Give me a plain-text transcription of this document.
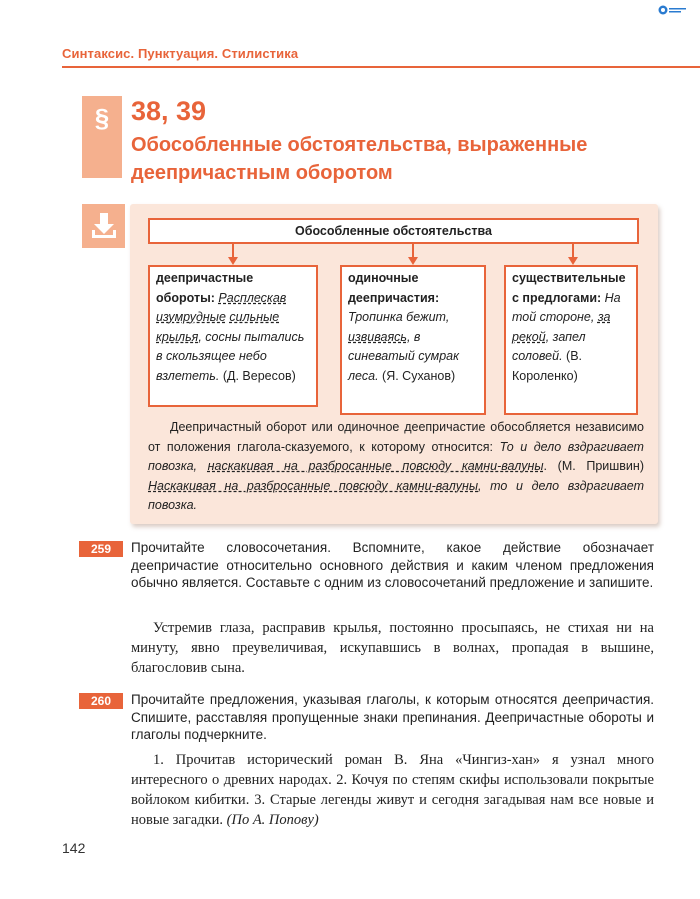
Синтаксис. Пунктуация. Стилистика
§ 38, 39
Обособленные обстоятельства, выраженные деепричастным оборотом
Обособленные обстоятельства
деепричастные обороты: Расплескав изумрудные сильные крылья, сосны пытались в скользящее небо взлететь. (Д. Вересов)
одиночные деепричастия: Тропинка бежит, извиваясь, в синеватый сумрак леса. (Я. Суханов)
существительные с предлогами: На той стороне, за рекой, запел соловей. (В. Короленко)
Деепричастный оборот или одиночное деепричастие обособляется независимо от положения глагола-сказуемого, к которому относится: То и дело вздрагивает повозка, наскакивая на разбросанные повсюду камни-валуны. (М. Пришвин) Наскакивая на разбросанные повсюду камни-валуны, то и дело вздрагивает повозка.
259	Прочитайте словосочетания. Вспомните, какое действие обозначает деепричастие относительно основного действия и каким членом предложения обычно является. Составьте с одним из словосочетаний предложение и запишите.
Устремив глаза, расправив крылья, постоянно просыпаясь, не стихая ни на минуту, явно преувеличивая, искупавшись в волнах, пропадая в вышине, благословив сына.
260	Прочитайте предложения, указывая глаголы, к которым относятся деепричастия. Спишите, расставляя пропущенные знаки препинания. Деепричастные обороты и глаголы подчеркните.
1. Прочитав исторический роман В. Яна «Чингиз-хан» я узнал много интересного о древних народах. 2. Кочуя по степям скифы использовали покрытые войлоком кибитки. 3. Старые легенды живут и сегодня загадывая нам все новые и новые загадки. (По А. Попову)
142
